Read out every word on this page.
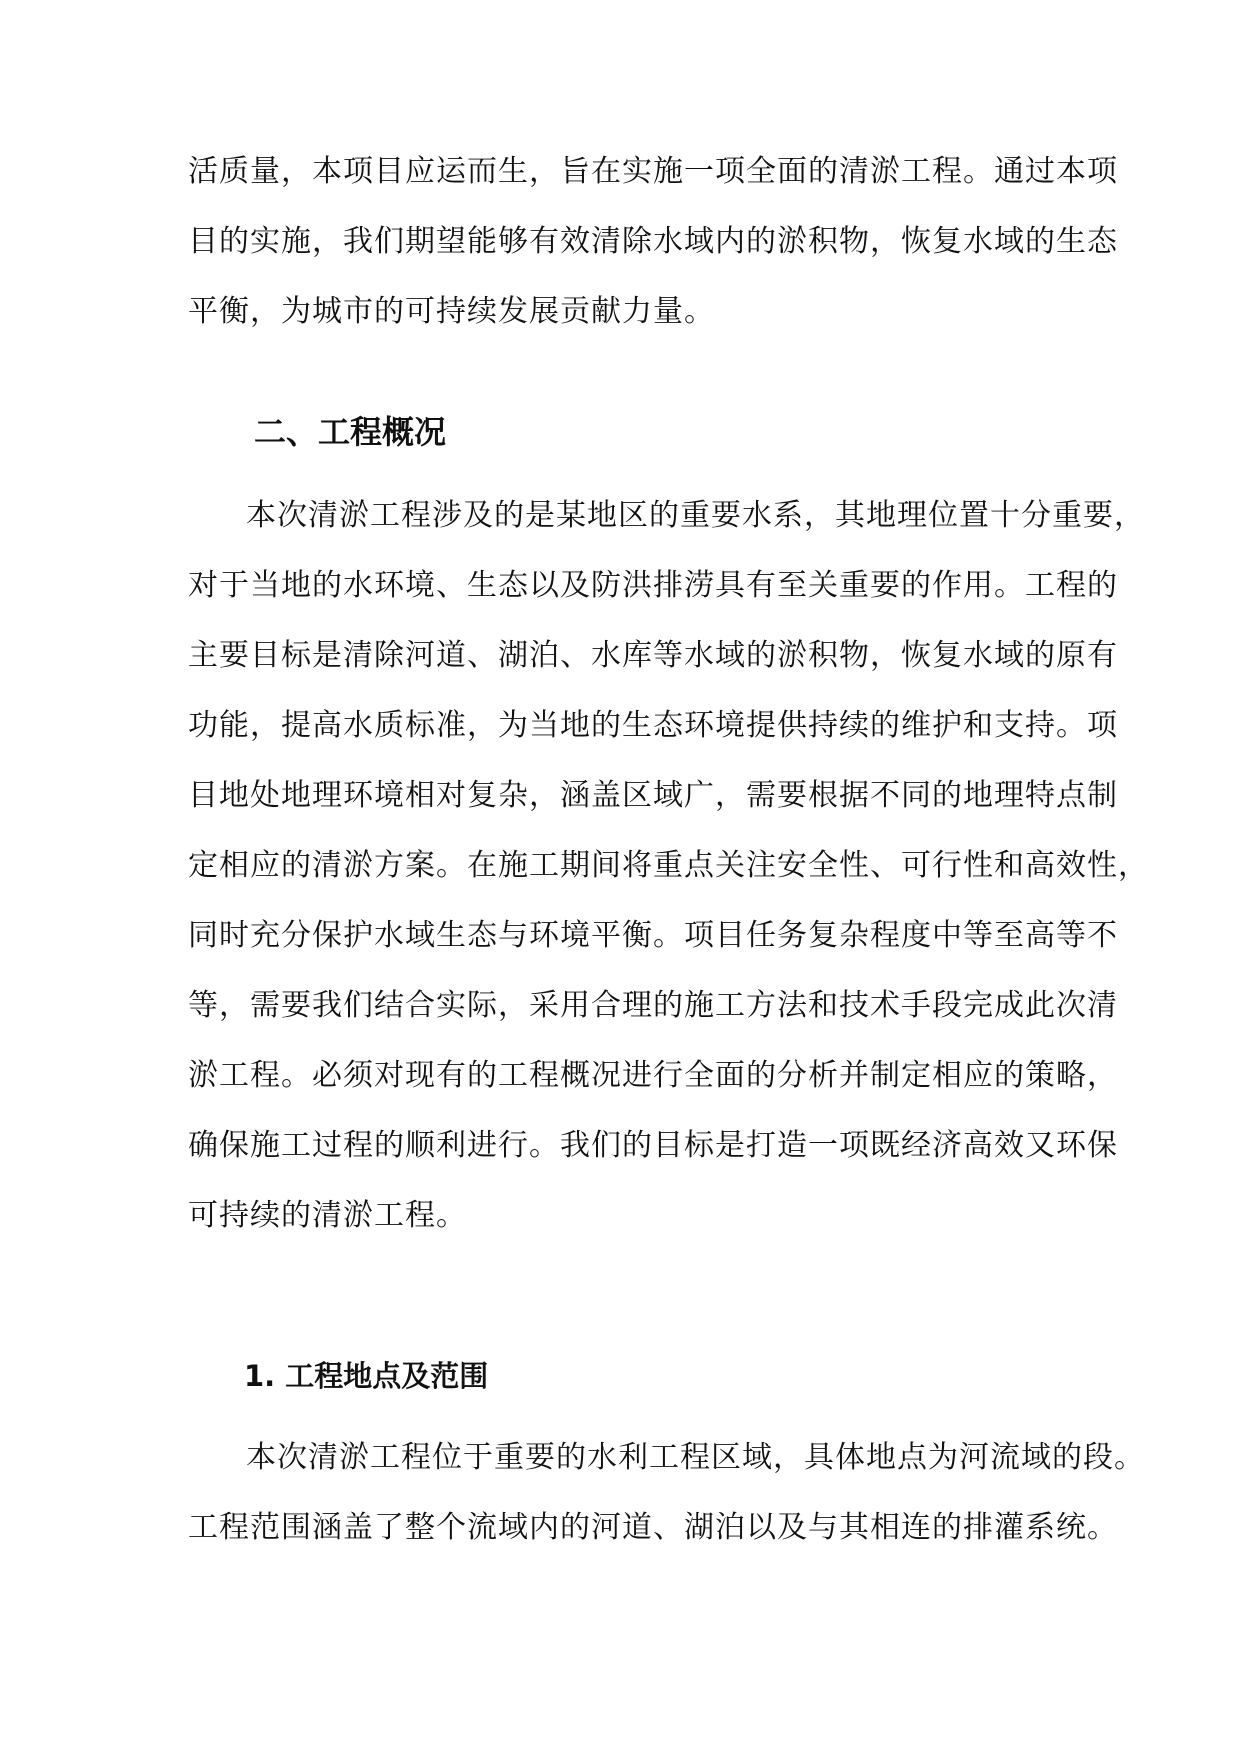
活质量，本项目应运而生，旨在实施一项全面的清淤工程。通过本项
目的实施，我们期望能够有效清除水域内的淤积物，恢复水域的生态
平衡，为城市的可持续发展贡献力量。
二、工程概况
本次清淤工程涉及的是某地区的重要水系，其地理位置十分重要，
对于当地的水环境、生态以及防洪排涝具有至关重要的作用。工程的
主要目标是清除河道、湖泊、水库等水域的淤积物，恢复水域的原有
功能，提高水质标准，为当地的生态环境提供持续的维护和支持。项
目地处地理环境相对复杂，涵盖区域广，需要根据不同的地理特点制
定相应的清淤方案。在施工期间将重点关注安全性、可行性和高效性，
同时充分保护水域生态与环境平衡。项目任务复杂程度中等至高等不
等，需要我们结合实际，采用合理的施工方法和技术手段完成此次清
淤工程。必须对现有的工程概况进行全面的分析并制定相应的策略，
确保施工过程的顺利进行。我们的目标是打造一项既经济高效又环保
可持续的清淤工程。
1. 工程地点及范围
本次清淤工程位于重要的水利工程区域，具体地点为河流域的段。
工程范围涵盖了整个流域内的河道、湖泊以及与其相连的排灌系统。
